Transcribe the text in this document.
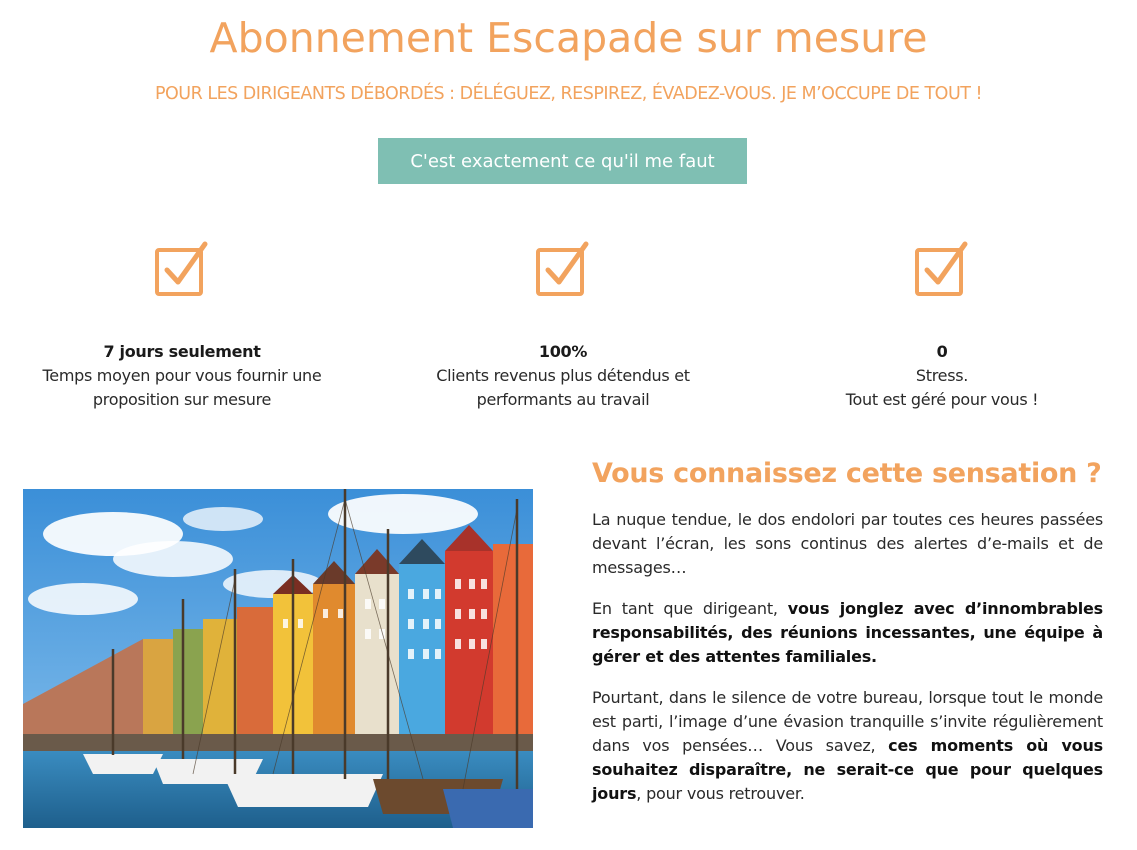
Abonnement Escapade sur mesure
POUR LES DIRIGEANTS DÉBORDÉS : DÉLÉGUEZ, RESPIREZ, ÉVADEZ-VOUS. JE M’OCCUPE DE TOUT !
C'est exactement ce qu'il me faut
7 jours seulement
Temps moyen pour vous fournir une
proposition sur mesure
100%
Clients revenus plus détendus et
performants au travail
0
Stress.
Tout est géré pour vous !
Vous connaissez cette sensation ?

La nuque tendue, le dos endolori par toutes ces heures passées devant l’écran, les sons continus des alertes d’e-mails et de messages…

En tant que dirigeant, vous jonglez avec d’innombrables responsabilités, des réunions incessantes, une équipe à gérer et des attentes familiales.

Pourtant, dans le silence de votre bureau, lorsque tout le monde est parti, l’image d’une évasion tranquille s’invite régulièrement dans vos pensées… Vous savez, ces moments où vous souhaitez disparaître, ne serait-ce que pour quelques jours, pour vous retrouver.
